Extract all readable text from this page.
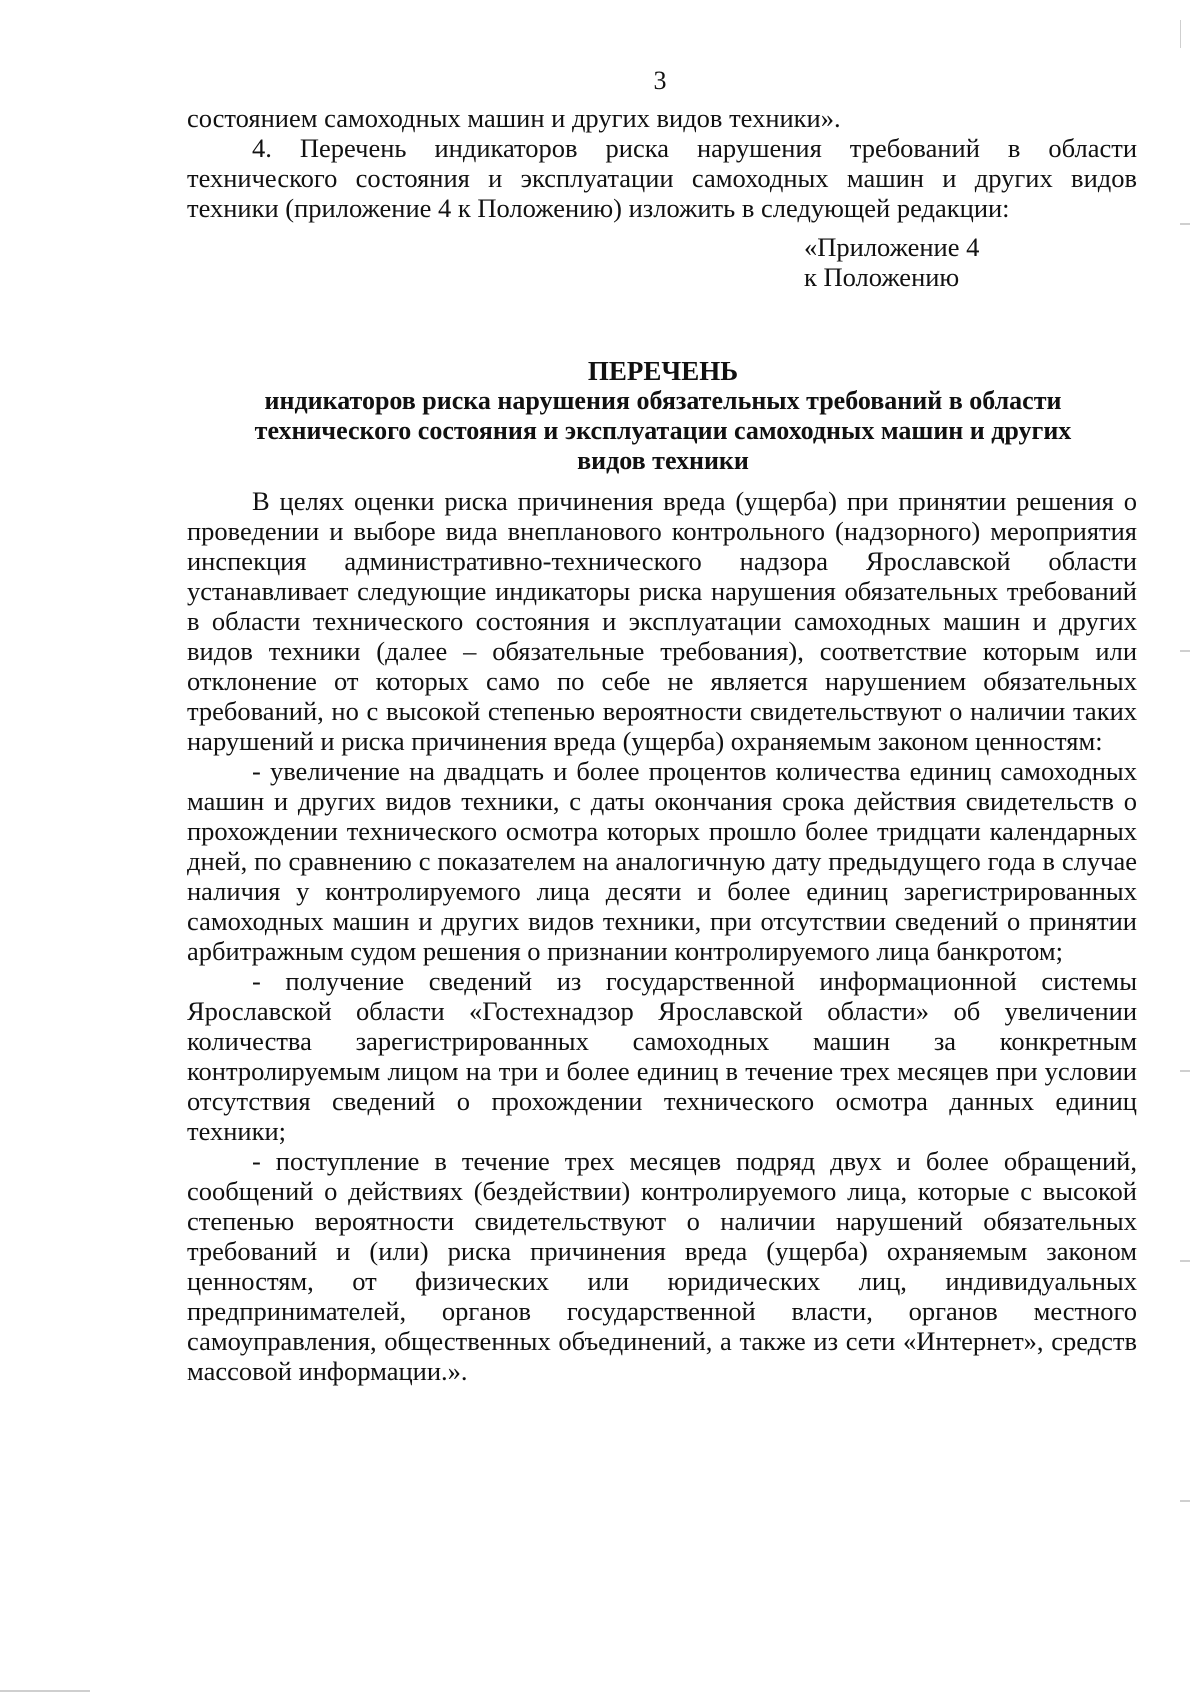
3

состоянием самоходных машин и других видов техники».

4. Перечень индикаторов риска нарушения требований в области технического состояния и эксплуатации самоходных машин и других видов техники (приложение 4 к Положению) изложить в следующей редакции:

«Приложение 4
к Положению
ПЕРЕЧЕНЬ
индикаторов риска нарушения обязательных требований в области
технического состояния и эксплуатации самоходных машин и других
видов техники

В целях оценки риска причинения вреда (ущерба) при принятии решения о проведении и выборе вида внепланового контрольного (надзорного) мероприятия инспекция административно-технического надзора Ярославской области устанавливает следующие индикаторы риска нарушения обязательных требований в области технического состояния и эксплуатации самоходных машин и других видов техники (далее – обязательные требования), соответствие которым или отклонение от которых само по себе не является нарушением обязательных требований, но с высокой степенью вероятности свидетельствуют о наличии таких нарушений и риска причинения вреда (ущерба) охраняемым законом ценностям:

- увеличение на двадцать и более процентов количества единиц самоходных машин и других видов техники, с даты окончания срока действия свидетельств о прохождении технического осмотра которых прошло более тридцати календарных дней, по сравнению с показателем на аналогичную дату предыдущего года в случае наличия у контролируемого лица десяти и более единиц зарегистрированных самоходных машин и других видов техники, при отсутствии сведений о принятии арбитражным судом решения о признании контролируемого лица банкротом;

- получение сведений из государственной информационной системы Ярославской области «Гостехнадзор Ярославской области» об увеличении количества зарегистрированных самоходных машин за конкретным контролируемым лицом на три и более единиц в течение трех месяцев при условии отсутствия сведений о прохождении технического осмотра данных единиц техники;

- поступление в течение трех месяцев подряд двух и более обращений, сообщений о действиях (бездействии) контролируемого лица, которые с высокой степенью вероятности свидетельствуют о наличии нарушений обязательных требований и (или) риска причинения вреда (ущерба) охраняемым законом ценностям, от физических или юридических лиц, индивидуальных предпринимателей, органов государственной власти, органов местного самоуправления, общественных объединений, а также из сети «Интернет», средств массовой информации.».
